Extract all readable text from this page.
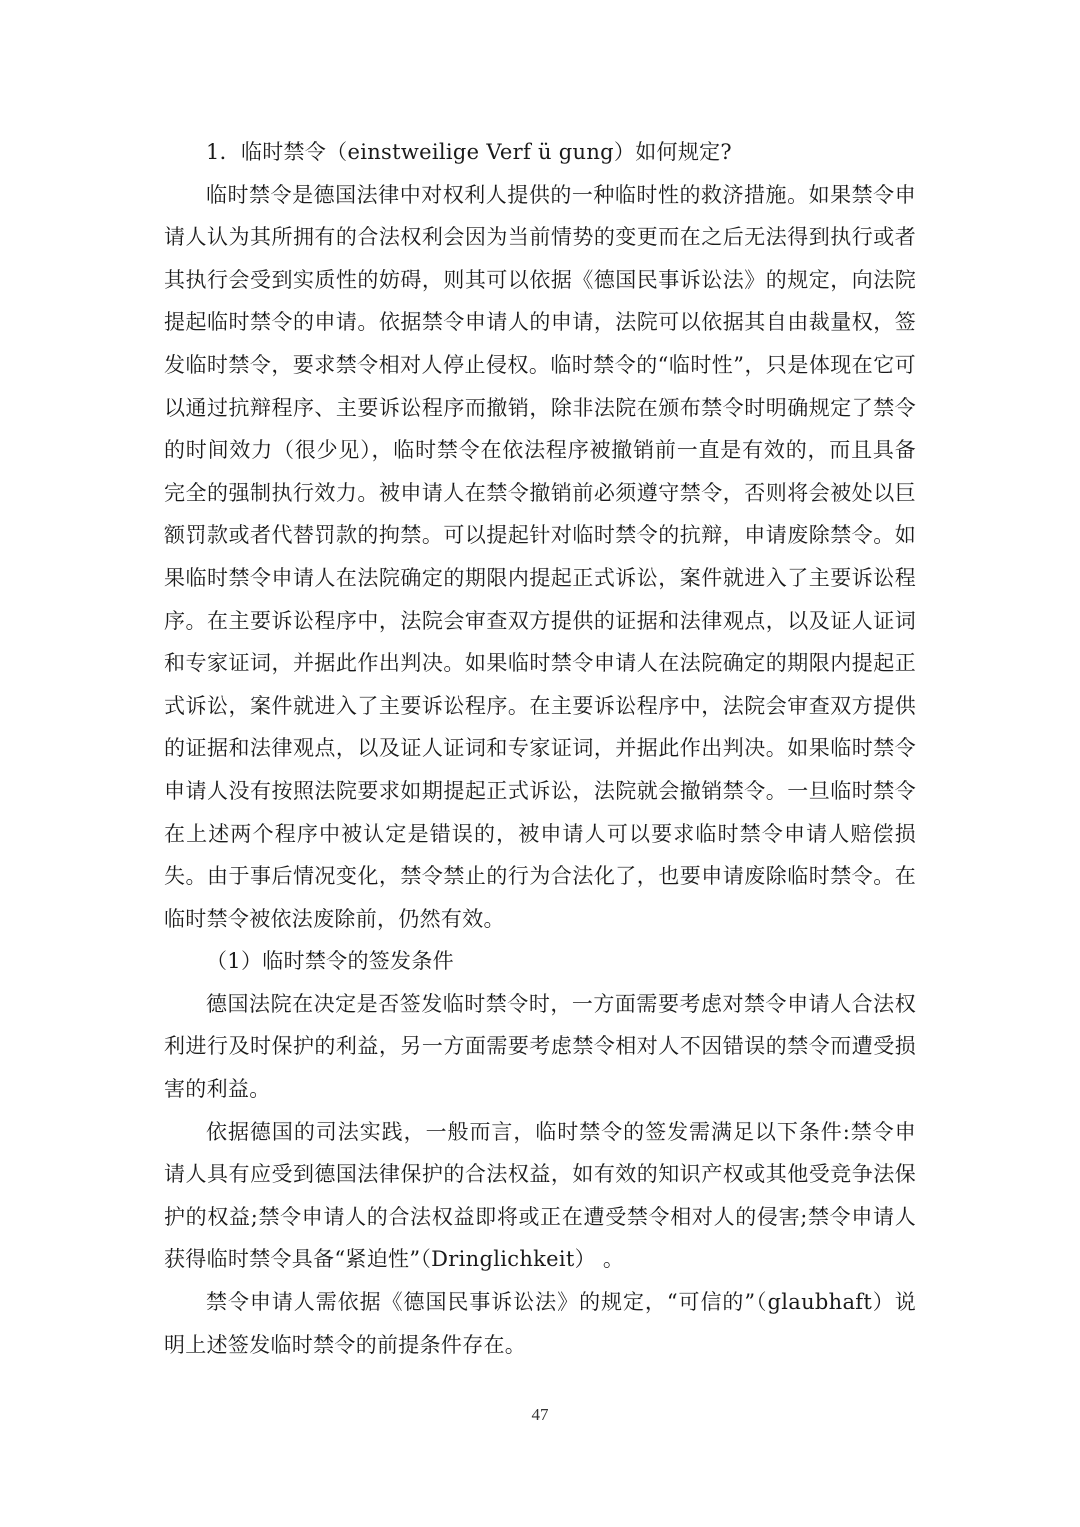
1．临时禁令（einstweilige Verf ü gung）如何规定?

临时禁令是德国法律中对权利人提供的一种临时性的救济措施。如果禁令申请人认为其所拥有的合法权利会因为当前情势的变更而在之后无法得到执行或者其执行会受到实质性的妨碍，则其可以依据《德国民事诉讼法》的规定，向法院提起临时禁令的申请。依据禁令申请人的申请，法院可以依据其自由裁量权，签发临时禁令，要求禁令相对人停止侵权。临时禁令的“临时性”，只是体现在它可以通过抗辩程序、主要诉讼程序而撤销，除非法院在颁布禁令时明确规定了禁令的时间效力（很少见），临时禁令在依法程序被撤销前一直是有效的，而且具备完全的强制执行效力。被申请人在禁令撤销前必须遵守禁令，否则将会被处以巨额罚款或者代替罚款的拘禁。可以提起针对临时禁令的抗辩，申请废除禁令。如果临时禁令申请人在法院确定的期限内提起正式诉讼，案件就进入了主要诉讼程序。在主要诉讼程序中，法院会审查双方提供的证据和法律观点，以及证人证词和专家证词，并据此作出判决。如果临时禁令申请人在法院确定的期限内提起正式诉讼，案件就进入了主要诉讼程序。在主要诉讼程序中，法院会审查双方提供的证据和法律观点，以及证人证词和专家证词，并据此作出判决。如果临时禁令申请人没有按照法院要求如期提起正式诉讼，法院就会撤销禁令。一旦临时禁令在上述两个程序中被认定是错误的，被申请人可以要求临时禁令申请人赔偿损失。由于事后情况变化，禁令禁止的行为合法化了，也要申请废除临时禁令。在临时禁令被依法废除前，仍然有效。

（1）临时禁令的签发条件

德国法院在决定是否签发临时禁令时，一方面需要考虑对禁令申请人合法权利进行及时保护的利益，另一方面需要考虑禁令相对人不因错误的禁令而遭受损害的利益。

依据德国的司法实践，一般而言，临时禁令的签发需满足以下条件:禁令申请人具有应受到德国法律保护的合法权益，如有效的知识产权或其他受竞争法保护的权益;禁令申请人的合法权益即将或正在遭受禁令相对人的侵害;禁令申请人获得临时禁令具备“紧迫性”（Dringlichkeit） 。

禁令申请人需依据《德国民事诉讼法》的规定，“可信的”（glaubhaft）说明上述签发临时禁令的前提条件存在。

47
